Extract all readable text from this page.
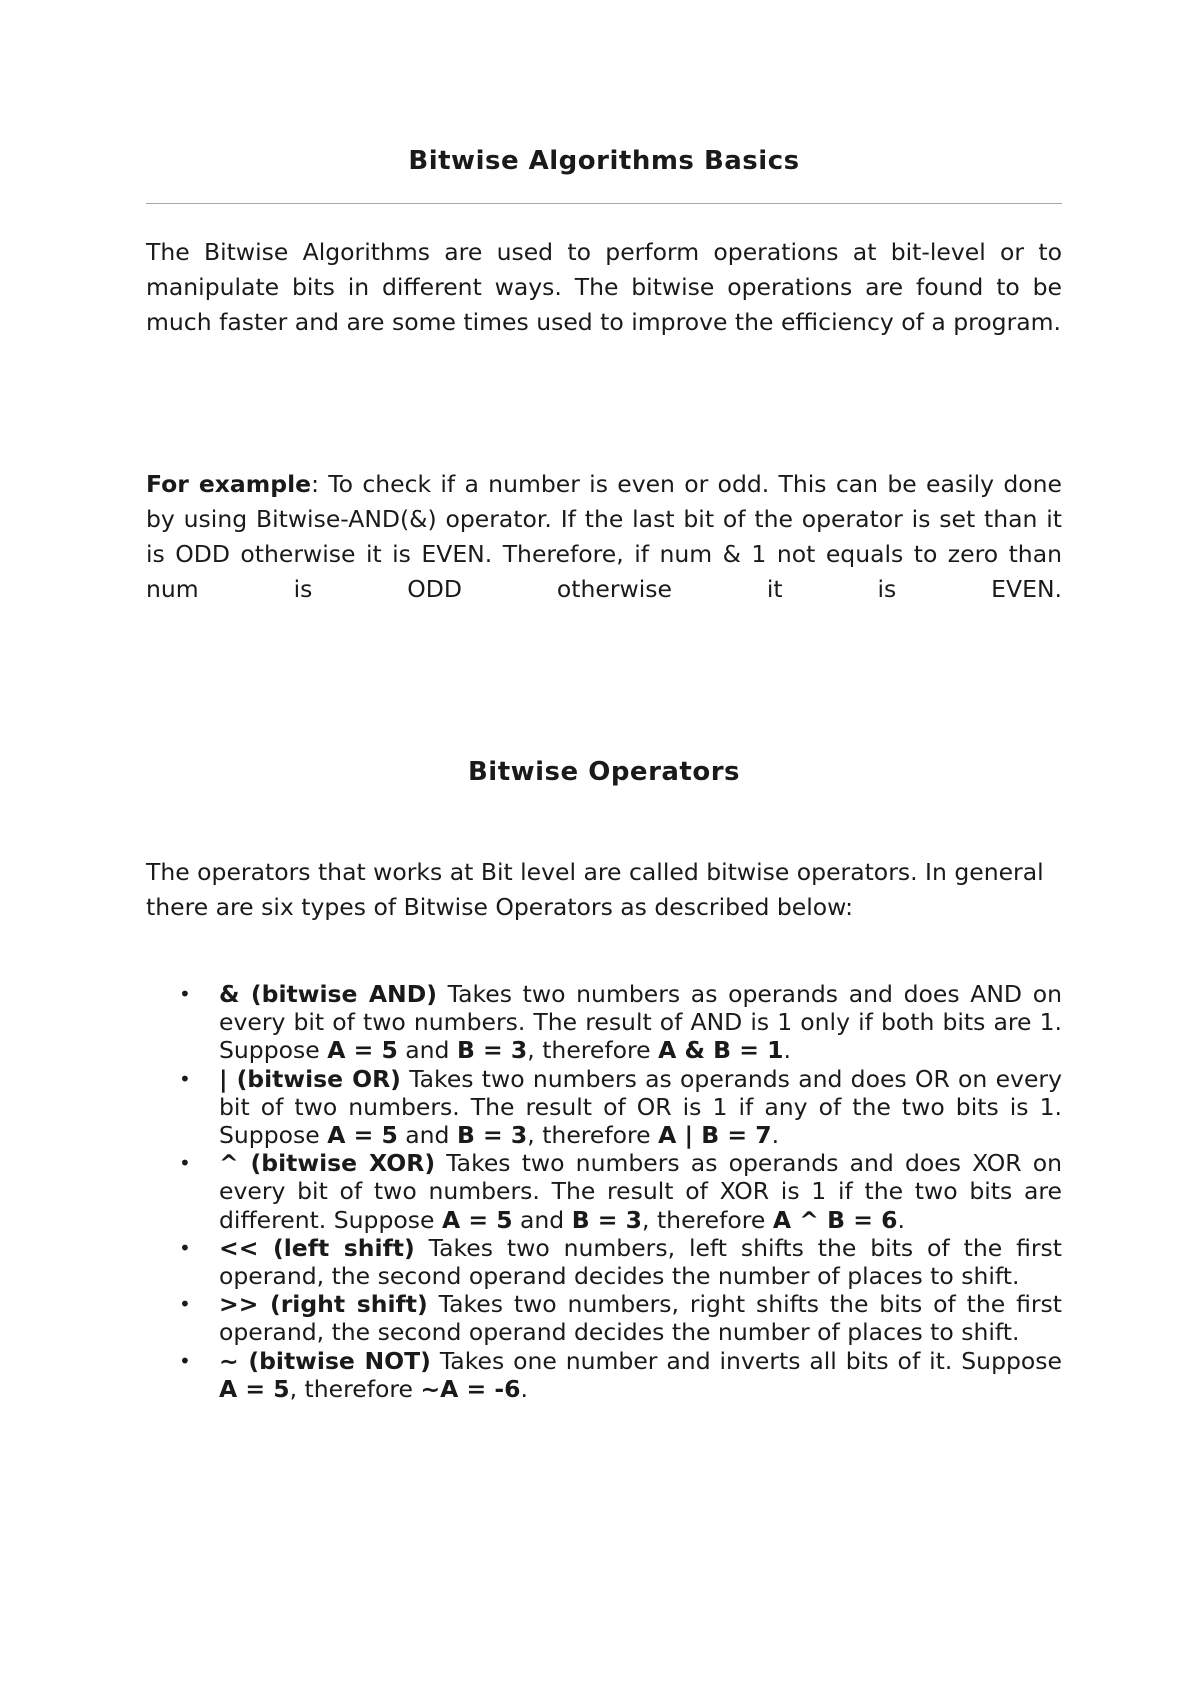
Bitwise Algorithms Basics

The Bitwise Algorithms are used to perform operations at bit-level or to manipulate bits in different ways. The bitwise operations are found to be much faster and are some times used to improve the efficiency of a program.

For example: To check if a number is even or odd. This can be easily done by using Bitwise-AND(&) operator. If the last bit of the operator is set than it is ODD otherwise it is EVEN. Therefore, if num & 1 not equals to zero than num is ODD otherwise it is EVEN.

Bitwise Operators

The operators that works at Bit level are called bitwise operators. In general there are six types of Bitwise Operators as described below:

• & (bitwise AND) Takes two numbers as operands and does AND on every bit of two numbers. The result of AND is 1 only if both bits are 1. Suppose A = 5 and B = 3, therefore A & B = 1.
• | (bitwise OR) Takes two numbers as operands and does OR on every bit of two numbers. The result of OR is 1 if any of the two bits is 1. Suppose A = 5 and B = 3, therefore A | B = 7.
• ^ (bitwise XOR) Takes two numbers as operands and does XOR on every bit of two numbers. The result of XOR is 1 if the two bits are different. Suppose A = 5 and B = 3, therefore A ^ B = 6.
• << (left shift) Takes two numbers, left shifts the bits of the first operand, the second operand decides the number of places to shift.
• >> (right shift) Takes two numbers, right shifts the bits of the first operand, the second operand decides the number of places to shift.
• ~ (bitwise NOT) Takes one number and inverts all bits of it. Suppose A = 5, therefore ~A = -6.
